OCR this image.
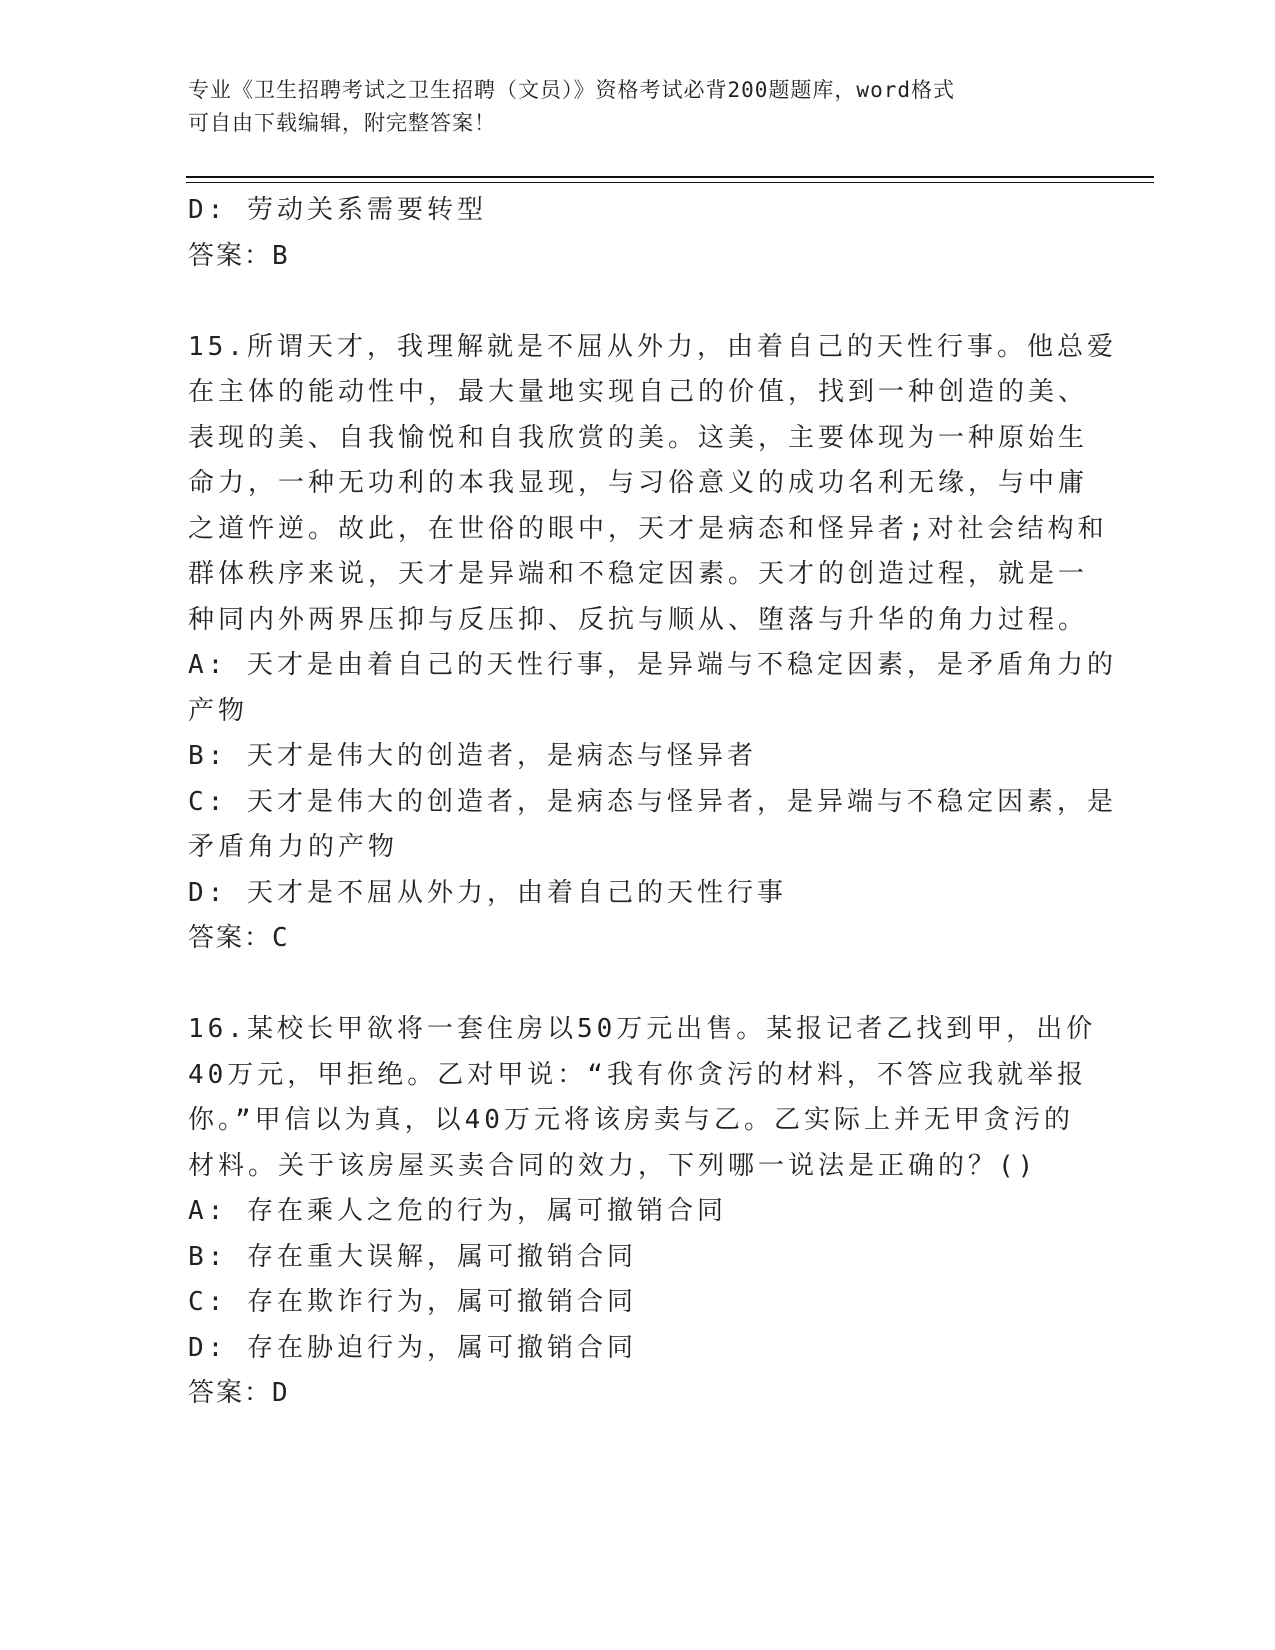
专业《卫生招聘考试之卫生招聘（文员）》资格考试必背200题题库，word格式
可自由下载编辑，附完整答案！
D: 劳动关系需要转型
答案：B
15.所谓天才，我理解就是不屈从外力，由着自己的天性行事。他总爱
在主体的能动性中，最大量地实现自己的价值，找到一种创造的美、
表现的美、自我愉悦和自我欣赏的美。这美，主要体现为一种原始生
命力，一种无功利的本我显现，与习俗意义的成功名利无缘，与中庸
之道忤逆。故此，在世俗的眼中，天才是病态和怪异者;对社会结构和
群体秩序来说，天才是异端和不稳定因素。天才的创造过程，就是一
种同内外两界压抑与反压抑、反抗与顺从、堕落与升华的角力过程。
A: 天才是由着自己的天性行事，是异端与不稳定因素，是矛盾角力的
产物
B: 天才是伟大的创造者，是病态与怪异者
C: 天才是伟大的创造者，是病态与怪异者，是异端与不稳定因素，是
矛盾角力的产物
D: 天才是不屈从外力，由着自己的天性行事
答案：C
16.某校长甲欲将一套住房以50万元出售。某报记者乙找到甲，出价
40万元，甲拒绝。乙对甲说：“我有你贪污的材料，不答应我就举报
你。”甲信以为真，以40万元将该房卖与乙。乙实际上并无甲贪污的
材料。关于该房屋买卖合同的效力，下列哪一说法是正确的？()
A: 存在乘人之危的行为，属可撤销合同
B: 存在重大误解，属可撤销合同
C: 存在欺诈行为，属可撤销合同
D: 存在胁迫行为，属可撤销合同
答案：D
